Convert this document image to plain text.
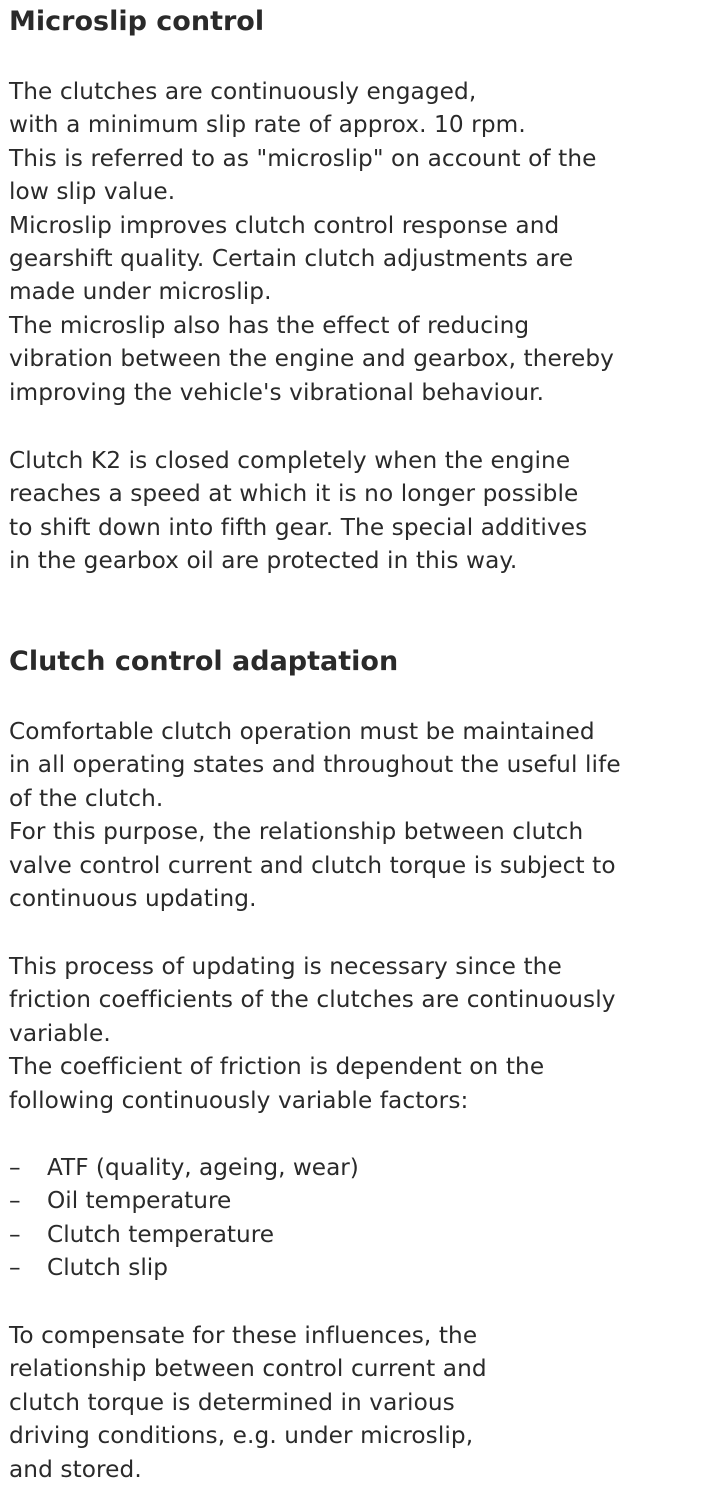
Microslip control

The clutches are continuously engaged,
with a minimum slip rate of approx. 10 rpm.
This is referred to as "microslip" on account of the
low slip value.
Microslip improves clutch control response and
gearshift quality. Certain clutch adjustments are
made under microslip.
The microslip also has the effect of reducing
vibration between the engine and gearbox, thereby
improving the vehicle's vibrational behaviour.

Clutch K2 is closed completely when the engine
reaches a speed at which it is no longer possible
to shift down into fifth gear. The special additives
in the gearbox oil are protected in this way.

Clutch control adaptation

Comfortable clutch operation must be maintained
in all operating states and throughout the useful life
of the clutch.
For this purpose, the relationship between clutch
valve control current and clutch torque is subject to
continuous updating.

This process of updating is necessary since the
friction coefficients of the clutches are continuously
variable.
The coefficient of friction is dependent on the
following continuously variable factors:

–	ATF (quality, ageing, wear)
–	Oil temperature
–	Clutch temperature
–	Clutch slip

To compensate for these influences, the
relationship between control current and
clutch torque is determined in various
driving conditions, e.g. under microslip,
and stored.
